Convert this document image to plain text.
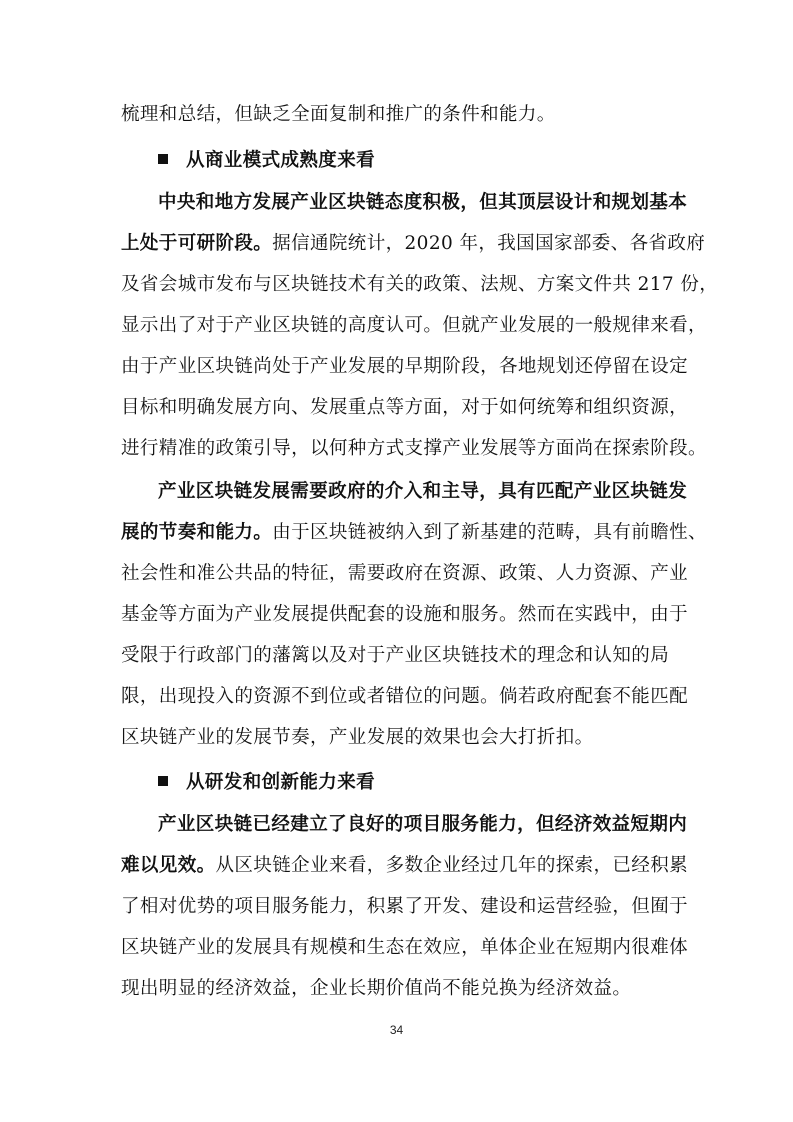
梳理和总结，但缺乏全面复制和推广的条件和能力。
从商业模式成熟度来看
中央和地方发展产业区块链态度积极，但其顶层设计和规划基本
上处于可研阶段。据信通院统计，2020 年，我国国家部委、各省政府
及省会城市发布与区块链技术有关的政策、法规、方案文件共 217 份，
显示出了对于产业区块链的高度认可。但就产业发展的一般规律来看，
由于产业区块链尚处于产业发展的早期阶段，各地规划还停留在设定
目标和明确发展方向、发展重点等方面，对于如何统筹和组织资源，
进行精准的政策引导，以何种方式支撑产业发展等方面尚在探索阶段。
产业区块链发展需要政府的介入和主导，具有匹配产业区块链发
展的节奏和能力。由于区块链被纳入到了新基建的范畴，具有前瞻性、
社会性和准公共品的特征，需要政府在资源、政策、人力资源、产业
基金等方面为产业发展提供配套的设施和服务。然而在实践中，由于
受限于行政部门的藩篱以及对于产业区块链技术的理念和认知的局
限，出现投入的资源不到位或者错位的问题。倘若政府配套不能匹配
区块链产业的发展节奏，产业发展的效果也会大打折扣。
从研发和创新能力来看
产业区块链已经建立了良好的项目服务能力，但经济效益短期内
难以见效。从区块链企业来看，多数企业经过几年的探索，已经积累
了相对优势的项目服务能力，积累了开发、建设和运营经验，但囿于
区块链产业的发展具有规模和生态在效应，单体企业在短期内很难体
现出明显的经济效益，企业长期价值尚不能兑换为经济效益。
34
